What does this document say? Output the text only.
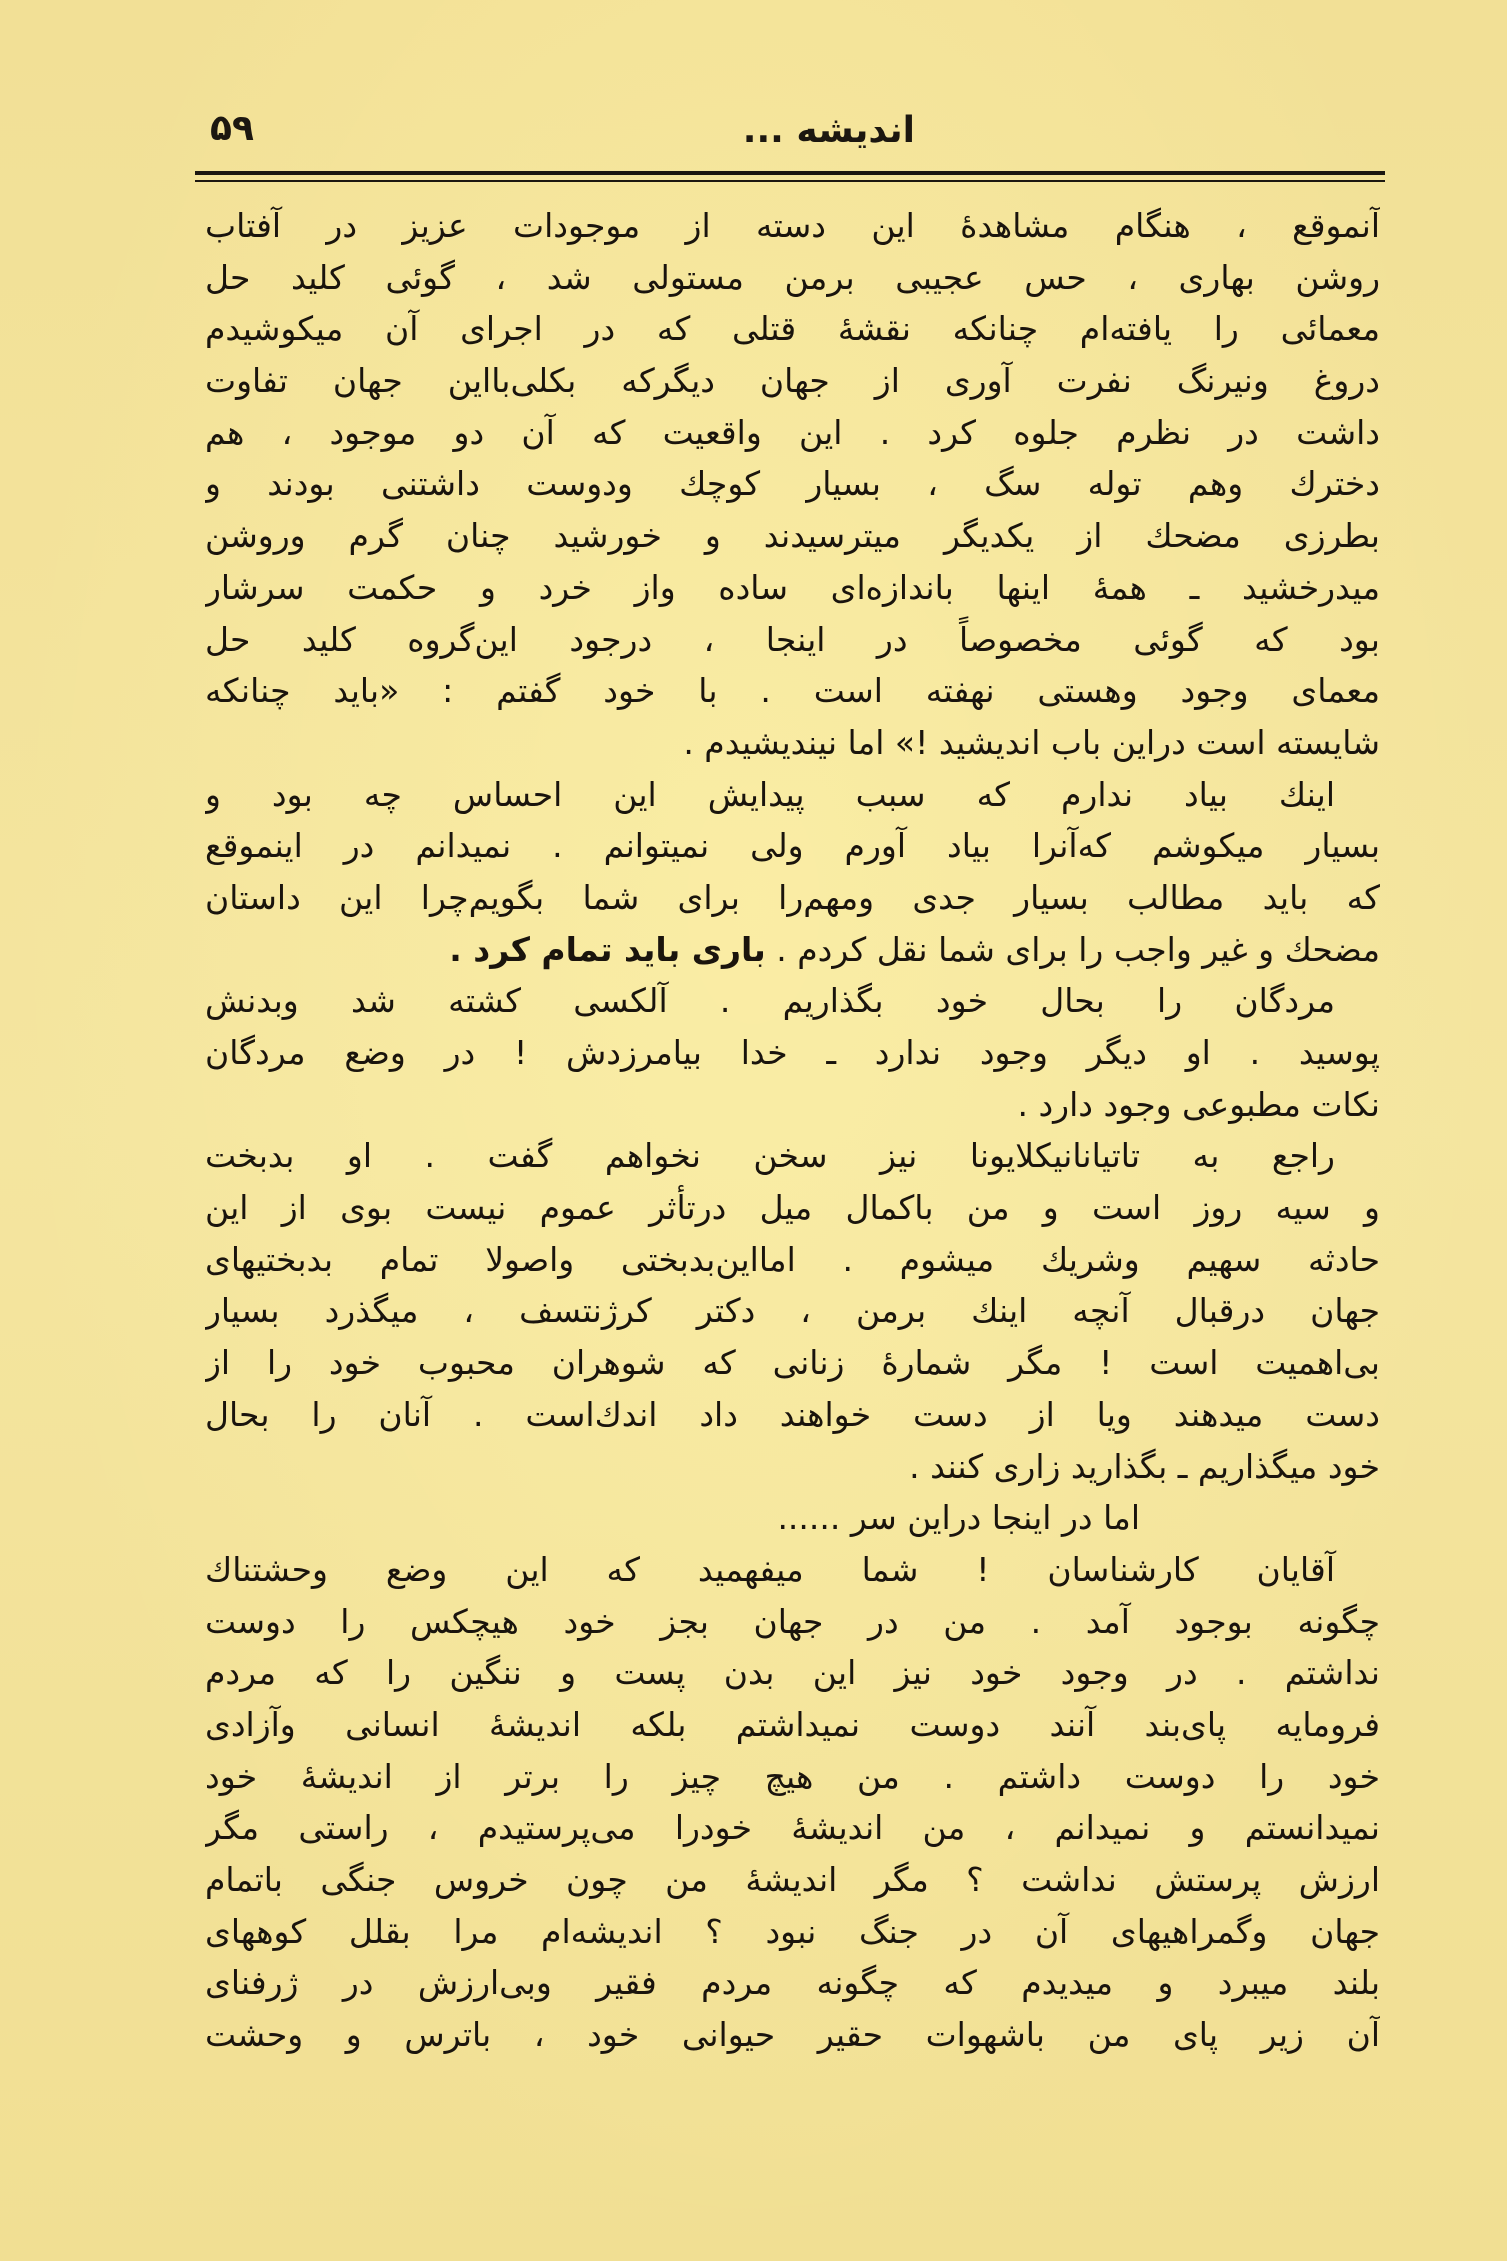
اندیشه ...
۵۹
آنموقع ، هنگام مشاهدهٔ این دسته از موجودات عزیز در آفتاب
روشن بهاری ، حس عجیبی برمن مستولی شد ، گوئی کلید حل
معمائی را یافته‌ام چنانکه نقشهٔ قتلی که در اجرای آن میکوشیدم
دروغ ونیرنگ نفرت آوری از جهان دیگرکه بکلی‌بااین جهان تفاوت
داشت در نظرم جلوه کرد . این واقعیت که آن دو موجود ، هم
دخترك وهم توله سگ ، بسیار کوچك ودوست داشتنی بودند و
بطرزی مضحك از یکدیگر میترسیدند و خورشید چنان گرم وروشن
میدرخشید ـ همهٔ اینها باندازه‌ای ساده واز خرد و حکمت سرشار
بود که گوئی مخصوصاً در اینجا ، درجود این‌گروه کلید حل
معمای وجود وهستی نهفته است . با خود گفتم : «باید چنانکه
شایسته است دراین باب اندیشید !» اما نیندیشیدم .
اینك بیاد ندارم که سبب پیدایش این احساس چه بود و
بسیار میکوشم که‌آنرا بیاد آورم ولی نمیتوانم . نمیدانم در اینموقع
که باید مطالب بسیار جدی ومهم‌را برای شما بگویم‌چرا این داستان
مضحك و غیر واجب را برای شما نقل کردم . باری باید تمام کرد .
مردگان را بحال خود بگذاریم . آلکسی کشته شد وبدنش
پوسید . او دیگر وجود ندارد ـ خدا بیامرزدش ! در وضع مردگان
نکات مطبوعی وجود دارد .
راجع به تاتیانانیکلایونا نیز سخن نخواهم گفت . او بدبخت
و سیه روز است و من باکمال میل درتأثر عموم نیست بوی از این
حادثه سهیم وشریك میشوم . امااین‌بدبختی واصولا تمام بدبختیهای
جهان درقبال آنچه اینك برمن ، دکتر کرژنتسف ، میگذرد بسیار
بی‌اهمیت است ! مگر شمارهٔ زنانی که شوهران محبوب خود را از
دست میدهند ویا از دست خواهند داد اندك‌است . آنان را بحال
خود میگذاریم ـ بگذارید زاری کنند .
اما در اینجا دراین سر ......
آقایان کارشناسان ! شما میفهمید که این وضع وحشتناك
چگونه بوجود آمد . من در جهان بجز خود هیچکس را دوست
نداشتم . در وجود خود نیز این بدن پست و ننگین را که مردم
فرومایه پای‌بند آنند دوست نمیداشتم بلکه اندیشهٔ انسانی وآزادی
خود را دوست داشتم . من هیچ چیز را برتر از اندیشهٔ خود
نمیدانستم و نمیدانم ، من اندیشهٔ خودرا می‌پرستیدم ، راستی مگر
ارزش پرستش نداشت ؟ مگر اندیشهٔ من چون خروس جنگی باتمام
جهان وگمراهیهای آن در جنگ نبود ؟ اندیشه‌ام مرا بقلل کوههای
بلند میبرد و میدیدم که چگونه مردم فقیر وبی‌ارزش در ژرفنای
آن زیر پای من باشهوات حقیر حیوانی خود ، باترس و وحشت
